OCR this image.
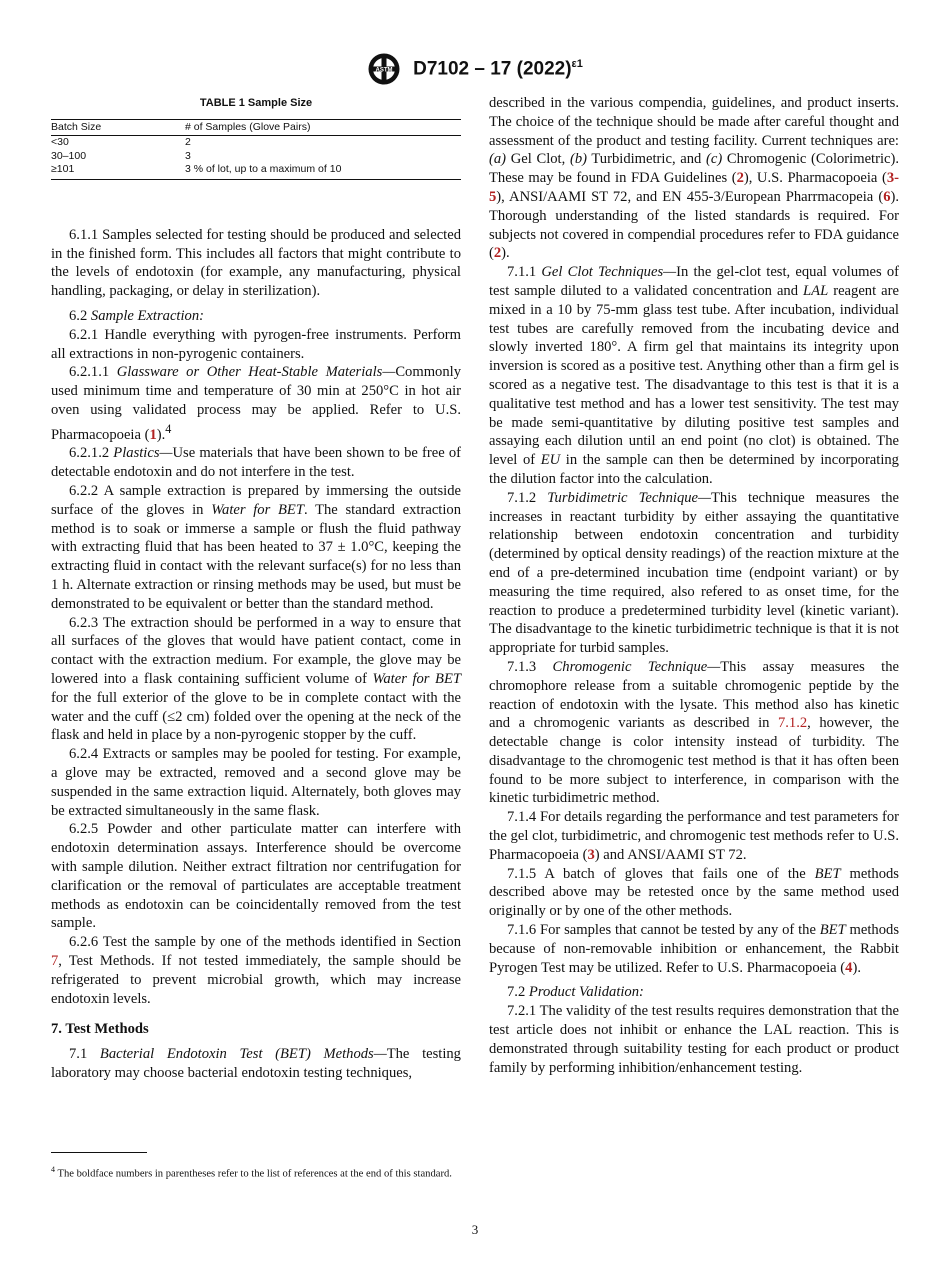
ASTM D7102 – 17 $(2022)^{\varepsilon 1}$
TABLE 1 Sample Size
Batch Size	# of Samples (Glove Pairs)
<30	2
30–100	3
≥101	3 % of lot, up to a maximum of 10

6.1.1 Samples selected for testing should be produced and selected in the finished form. This includes all factors that might contribute to the levels of endotoxin (for example, any manufacturing, physical handling, packaging, or delay in sterilization).

6.2 Sample Extraction:

6.2.1 Handle everything with pyrogen-free instruments. Perform all extractions in non-pyrogenic containers.

6.2.1.1 Glassware or Other Heat-Stable Materials—Commonly used minimum time and temperature of 30 min at 250°C in hot air oven using validated process may be applied. Refer to U.S. Pharmacopoeia (1).$^4$

6.2.1.2 Plastics—Use materials that have been shown to be free of detectable endotoxin and do not interfere in the test.

6.2.2 A sample extraction is prepared by immersing the outside surface of the gloves in Water for BET. The standard extraction method is to soak or immerse a sample or flush the fluid pathway with extracting fluid that has been heated to 37 ± 1.0°C, keeping the extracting fluid in contact with the relevant surface(s) for no less than 1 h. Alternate extraction or rinsing methods may be used, but must be demonstrated to be equivalent or better than the standard method.

6.2.3 The extraction should be performed in a way to ensure that all surfaces of the gloves that would have patient contact, come in contact with the extraction medium. For example, the glove may be lowered into a flask containing sufficient volume of Water for BET for the full exterior of the glove to be in complete contact with the water and the cuff (≤2 cm) folded over the opening at the neck of the flask and held in place by a non-pyrogenic stopper by the cuff.

6.2.4 Extracts or samples may be pooled for testing. For example, a glove may be extracted, removed and a second glove may be suspended in the same extraction liquid. Alternately, both gloves may be extracted simultaneously in the same flask.

6.2.5 Powder and other particulate matter can interfere with endotoxin determination assays. Interference should be overcome with sample dilution. Neither extract filtration nor centrifugation for clarification or the removal of particulates are acceptable treatment methods as endotoxin can be coincidentally removed from the test sample.

6.2.6 Test the sample by one of the methods identified in Section 7, Test Methods. If not tested immediately, the sample should be refrigerated to prevent microbial growth, which may increase endotoxin levels.

7. Test Methods

7.1 Bacterial Endotoxin Test (BET) Methods—The testing laboratory may choose bacterial endotoxin testing techniques,

described in the various compendia, guidelines, and product inserts. The choice of the technique should be made after careful thought and assessment of the product and testing facility. Current techniques are: (a) Gel Clot, (b) Turbidimetric, and (c) Chromogenic (Colorimetric). These may be found in FDA Guidelines (2), U.S. Pharmacopoeia (3-5), ANSI/AAMI ST 72, and EN 455-3/European Pharrmacopeia (6). Thorough understanding of the listed standards is required. For subjects not covered in compendial procedures refer to FDA guidance (2).

7.1.1 Gel Clot Techniques—In the gel-clot test, equal volumes of test sample diluted to a validated concentration and LAL reagent are mixed in a 10 by 75-mm glass test tube. After incubation, individual test tubes are carefully removed from the incubating device and slowly inverted 180°. A firm gel that maintains its integrity upon inversion is scored as a positive test. Anything other than a firm gel is scored as a negative test. The disadvantage to this test is that it is a qualitative test method and has a lower test sensitivity. The test may be made semi-quantitative by diluting positive test samples and assaying each dilution until an end point (no clot) is obtained. The level of EU in the sample can then be determined by incorporating the dilution factor into the calculation.

7.1.2 Turbidimetric Technique—This technique measures the increases in reactant turbidity by either assaying the quantitative relationship between endotoxin concentration and turbidity (determined by optical density readings) of the reaction mixture at the end of a pre-determined incubation time (endpoint variant) or by measuring the time required, also refered to as onset time, for the reaction to produce a predetermined turbidity level (kinetic variant). The disadvantage to the kinetic turbidimetric technique is that it is not appropriate for turbid samples.

7.1.3 Chromogenic Technique—This assay measures the chromophore release from a suitable chromogenic peptide by the reaction of endotoxin with the lysate. This method also has kinetic and a chromogenic variants as described in 7.1.2, however, the detectable change is color intensity instead of turbidity. The disadvantage to the chromogenic test method is that it has often been found to be more subject to interference, in comparison with the kinetic turbidimetric method.

7.1.4 For details regarding the performance and test parameters for the gel clot, turbidimetric, and chromogenic test methods refer to U.S. Pharmacopoeia (3) and ANSI/AAMI ST 72.

7.1.5 A batch of gloves that fails one of the BET methods described above may be retested once by the same method used originally or by one of the other methods.

7.1.6 For samples that cannot be tested by any of the BET methods because of non-removable inhibition or enhancement, the Rabbit Pyrogen Test may be utilized. Refer to U.S. Pharmacopoeia (4).

7.2 Product Validation:

7.2.1 The validity of the test results requires demonstration that the test article does not inhibit or enhance the LAL reaction. This is demonstrated through suitability testing for each product or product family by performing inhibition/enhancement testing.

$^4$ The boldface numbers in parentheses refer to the list of references at the end of this standard.
3
